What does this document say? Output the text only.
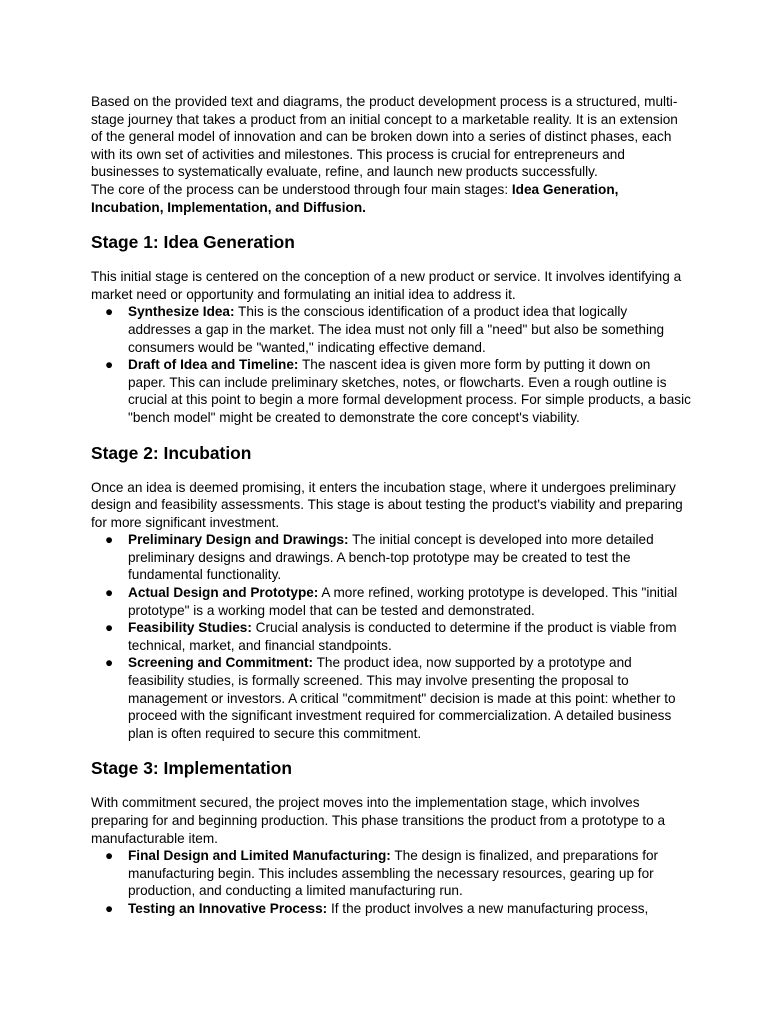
Based on the provided text and diagrams, the product development process is a structured, multi-stage journey that takes a product from an initial concept to a marketable reality. It is an extension of the general model of innovation and can be broken down into a series of distinct phases, each with its own set of activities and milestones. This process is crucial for entrepreneurs and businesses to systematically evaluate, refine, and launch new products successfully.

The core of the process can be understood through four main stages: Idea Generation, Incubation, Implementation, and Diffusion.

Stage 1: Idea Generation

This initial stage is centered on the conception of a new product or service. It involves identifying a market need or opportunity and formulating an initial idea to address it.

● Synthesize Idea: This is the conscious identification of a product idea that logically addresses a gap in the market. The idea must not only fill a "need" but also be something consumers would be "wanted," indicating effective demand.
● Draft of Idea and Timeline: The nascent idea is given more form by putting it down on paper. This can include preliminary sketches, notes, or flowcharts. Even a rough outline is crucial at this point to begin a more formal development process. For simple products, a basic "bench model" might be created to demonstrate the core concept's viability.
Stage 2: Incubation

Once an idea is deemed promising, it enters the incubation stage, where it undergoes preliminary design and feasibility assessments. This stage is about testing the product's viability and preparing for more significant investment.

● Preliminary Design and Drawings: The initial concept is developed into more detailed preliminary designs and drawings. A bench-top prototype may be created to test the fundamental functionality.
● Actual Design and Prototype: A more refined, working prototype is developed. This "initial prototype" is a working model that can be tested and demonstrated.
● Feasibility Studies: Crucial analysis is conducted to determine if the product is viable from technical, market, and financial standpoints.
● Screening and Commitment: The product idea, now supported by a prototype and feasibility studies, is formally screened. This may involve presenting the proposal to management or investors. A critical "commitment" decision is made at this point: whether to proceed with the significant investment required for commercialization. A detailed business plan is often required to secure this commitment.
Stage 3: Implementation

With commitment secured, the project moves into the implementation stage, which involves preparing for and beginning production. This phase transitions the product from a prototype to a manufacturable item.

● Final Design and Limited Manufacturing: The design is finalized, and preparations for manufacturing begin. This includes assembling the necessary resources, gearing up for production, and conducting a limited manufacturing run.
● Testing an Innovative Process: If the product involves a new manufacturing process,
